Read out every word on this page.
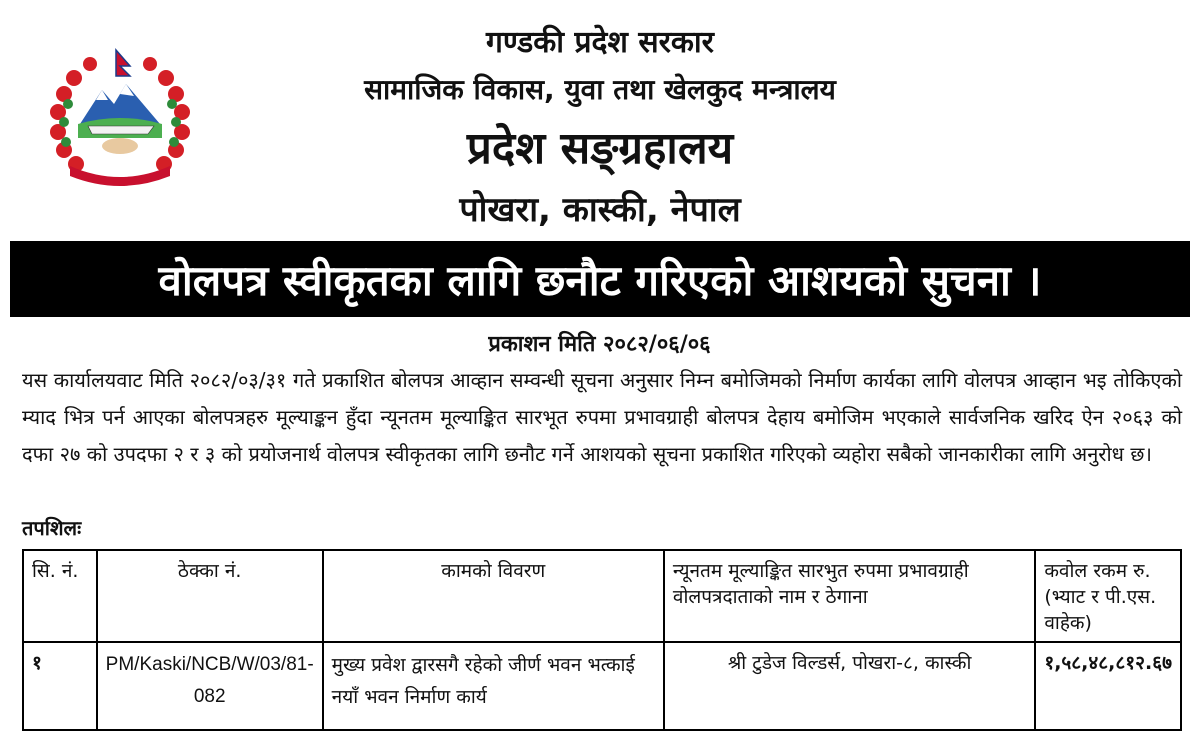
गण्डकी प्रदेश सरकार
सामाजिक विकास, युवा तथा खेलकुद मन्त्रालय
प्रदेश सङ्ग्रहालय
पोखरा, कास्की, नेपाल
वोलपत्र स्वीकृतका लागि छनौट गरिएको आशयको सुचना ।
प्रकाशन मिति २०८२/०६/०६

यस कार्यालयवाट मिति २०८२/०३/३१ गते प्रकाशित बोलपत्र आव्हान सम्वन्धी सूचना अनुसार निम्न बमोजिमको निर्माण कार्यका लागि वोलपत्र आव्हान भइ तोकिएको म्याद भित्र पर्न आएका बोलपत्रहरु मूल्याङ्कन हुँदा न्यूनतम मूल्याङ्कित सारभूत रुपमा प्रभावग्राही बोलपत्र देहाय बमोजिम भएकाले सार्वजनिक खरिद ऐन २०६३ को दफा २७ को उपदफा २ र ३ को प्रयोजनार्थ वोलपत्र स्वीकृतका लागि छनौट गर्ने आशयको सूचना प्रकाशित गरिएको व्यहोरा सबैको जानकारीका लागि अनुरोध छ।

तपशिलः
सि. नं.	ठेक्का नं.	कामको विवरण	न्यूनतम मूल्याङ्कित सारभुत रुपमा प्रभावग्राही वोलपत्रदाताको नाम र ठेगाना	कवोल रकम रु.(भ्याट र पी.एस. वाहेक)
१	PM/Kaski/NCB/W/03/81-082	मुख्य प्रवेश द्वारसगै रहेको जीर्ण भवन भत्काई नयाँ भवन निर्माण कार्य	श्री टुडेज विल्डर्स, पोखरा-८, कास्की	१,५८,४८,८१२.६७
